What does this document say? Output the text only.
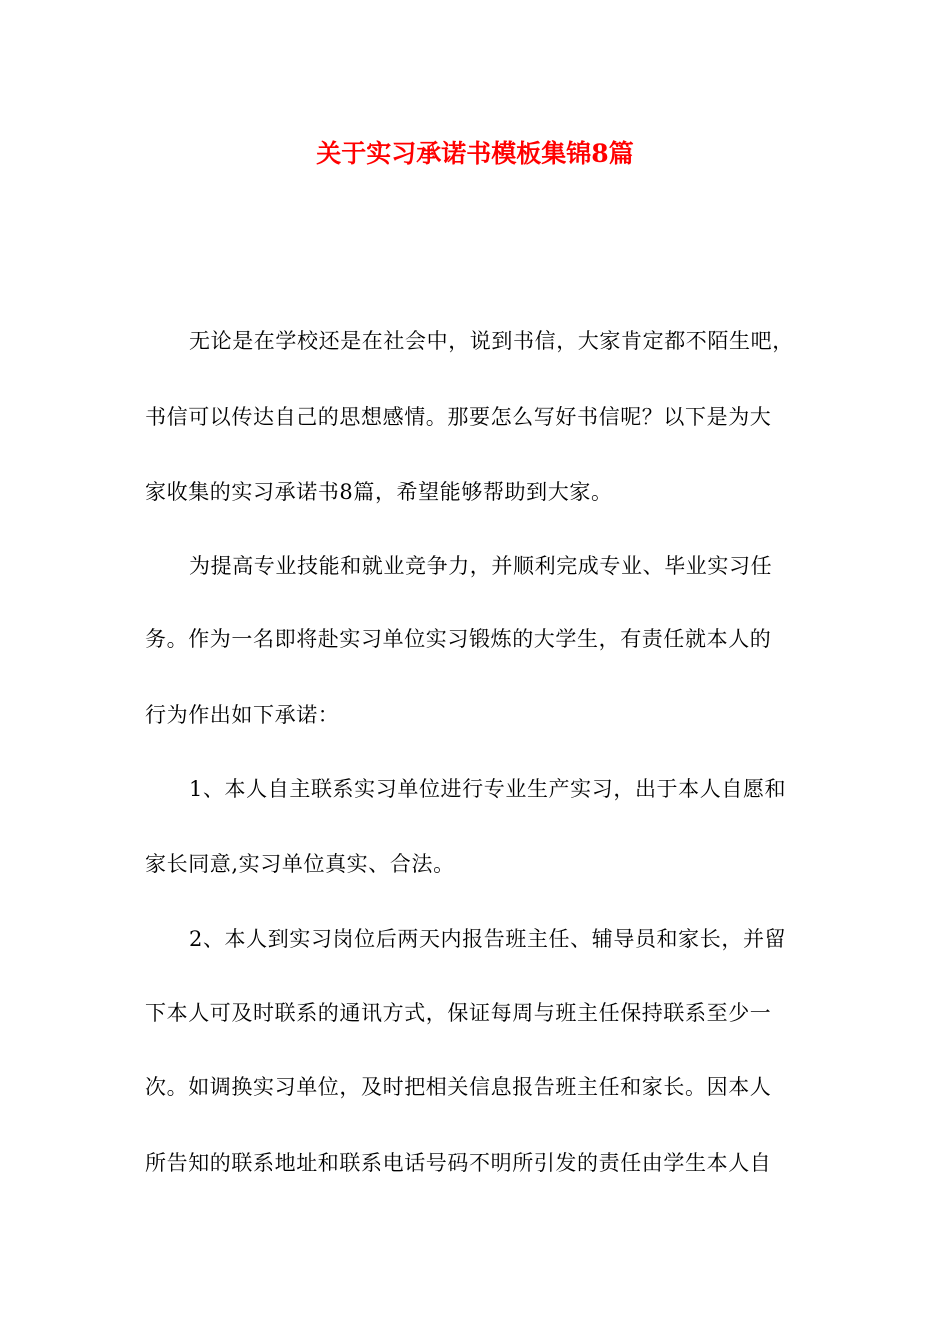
关于实习承诺书模板集锦8篇
无论是在学校还是在社会中，说到书信，大家肯定都不陌生吧，
书信可以传达自己的思想感情。那要怎么写好书信呢？以下是为大
家收集的实习承诺书8篇，希望能够帮助到大家。
为提高专业技能和就业竞争力，并顺利完成专业、毕业实习任
务。作为一名即将赴实习单位实习锻炼的大学生，有责任就本人的
行为作出如下承诺：
1、本人自主联系实习单位进行专业生产实习，出于本人自愿和
家长同意,实习单位真实、合法。
2、本人到实习岗位后两天内报告班主任、辅导员和家长，并留
下本人可及时联系的通讯方式，保证每周与班主任保持联系至少一
次。如调换实习单位，及时把相关信息报告班主任和家长。因本人
所告知的联系地址和联系电话号码不明所引发的责任由学生本人自
